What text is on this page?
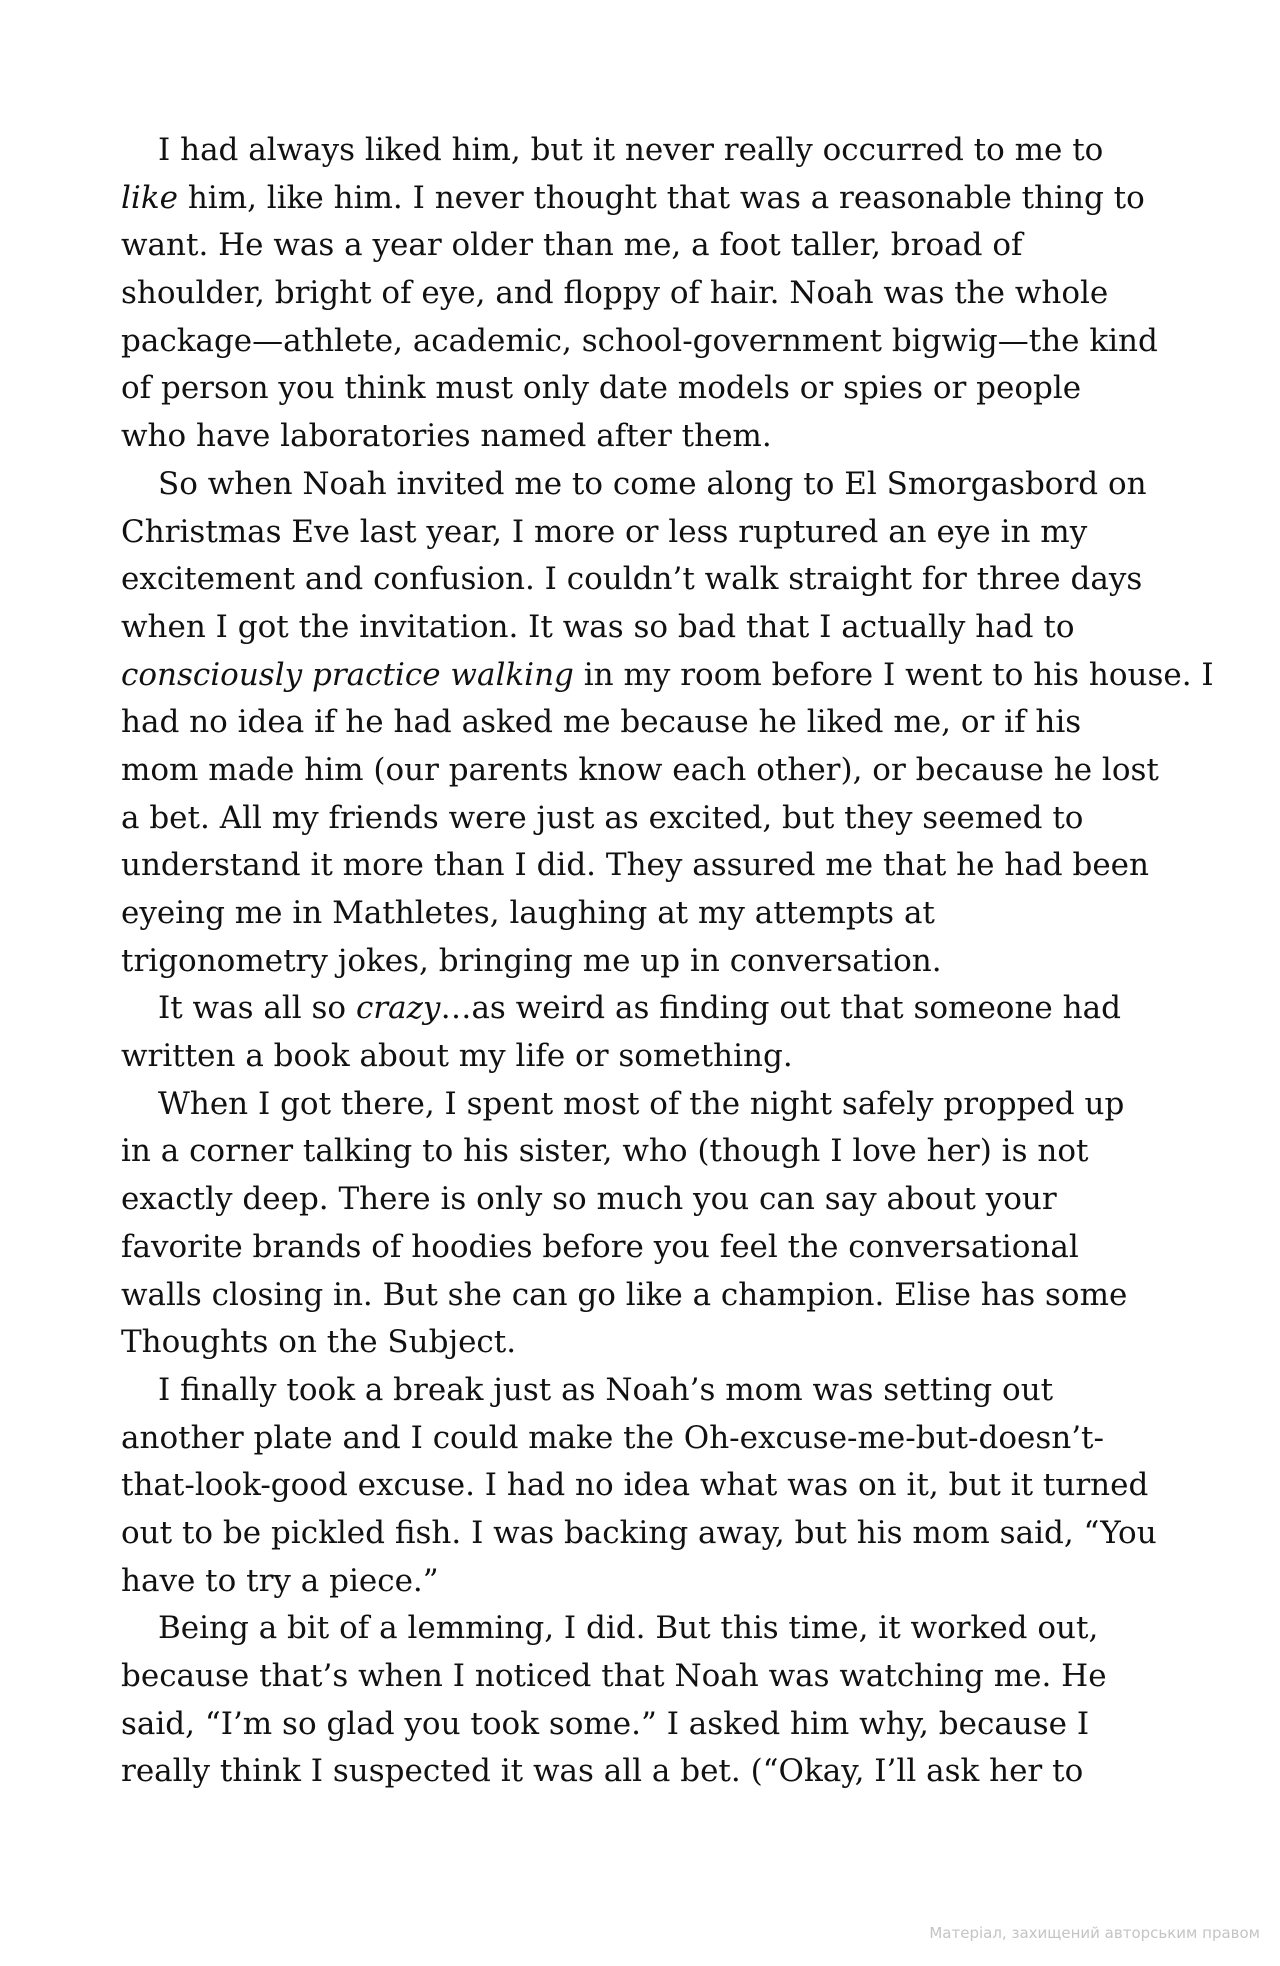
I had always liked him, but it never really occurred to me to
like him, like him. I never thought that was a reasonable thing to
want. He was a year older than me, a foot taller, broad of
shoulder, bright of eye, and floppy of hair. Noah was the whole
package—athlete, academic, school-government bigwig—the kind
of person you think must only date models or spies or people
who have laboratories named after them.
So when Noah invited me to come along to El Smorgasbord on
Christmas Eve last year, I more or less ruptured an eye in my
excitement and confusion. I couldn’t walk straight for three days
when I got the invitation. It was so bad that I actually had to
consciously practice walking in my room before I went to his house. I
had no idea if he had asked me because he liked me, or if his
mom made him (our parents know each other), or because he lost
a bet. All my friends were just as excited, but they seemed to
understand it more than I did. They assured me that he had been
eyeing me in Mathletes, laughing at my attempts at
trigonometry jokes, bringing me up in conversation.
It was all so crazy…as weird as finding out that someone had
written a book about my life or something.
When I got there, I spent most of the night safely propped up
in a corner talking to his sister, who (though I love her) is not
exactly deep. There is only so much you can say about your
favorite brands of hoodies before you feel the conversational
walls closing in. But she can go like a champion. Elise has some
Thoughts on the Subject.
I finally took a break just as Noah’s mom was setting out
another plate and I could make the Oh-excuse-me-but-doesn’t-
that-look-good excuse. I had no idea what was on it, but it turned
out to be pickled fish. I was backing away, but his mom said, “You
have to try a piece.”
Being a bit of a lemming, I did. But this time, it worked out,
because that’s when I noticed that Noah was watching me. He
said, “I’m so glad you took some.” I asked him why, because I
really think I suspected it was all a bet. (“Okay, I’ll ask her to
Матеріал, захищений авторським правом
